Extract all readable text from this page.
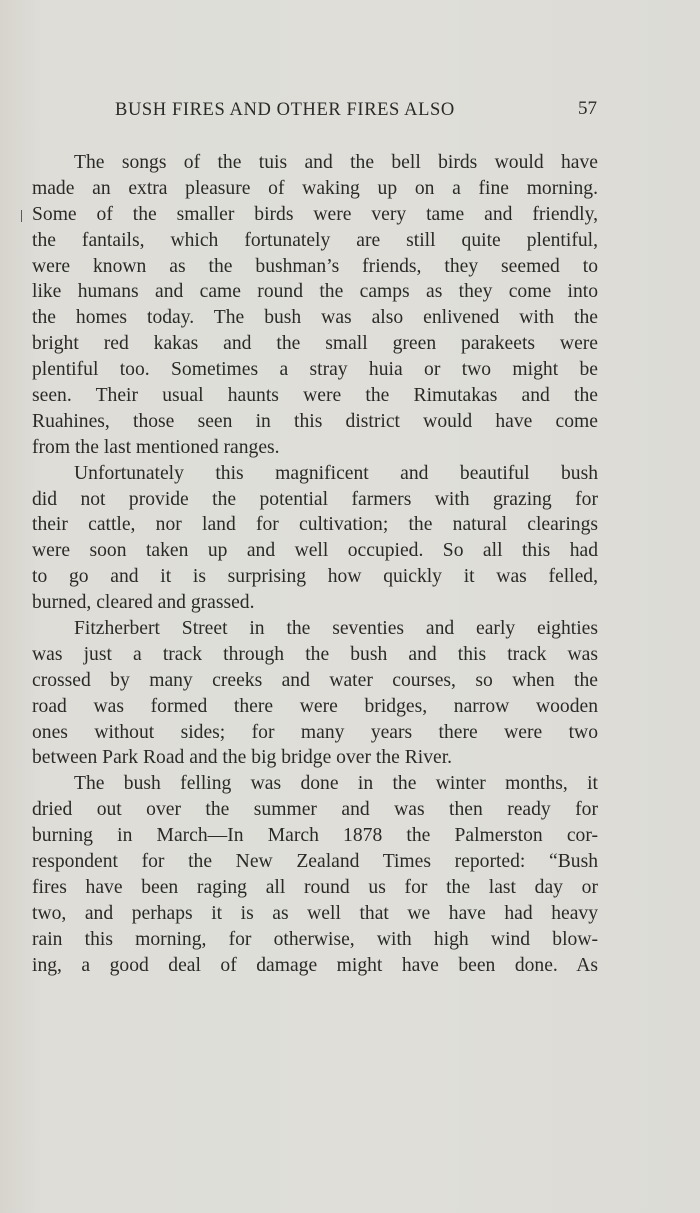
BUSH FIRES AND OTHER FIRES ALSO	57
The songs of the tuis and the bell birds would have
made an extra pleasure of waking up on a fine morning.
Some of the smaller birds were very tame and friendly,
the fantails, which fortunately are still quite plentiful,
were known as the bushman’s friends, they seemed to
like humans and came round the camps as they come into
the homes today. The bush was also enlivened with the
bright red kakas and the small green parakeets were
plentiful too. Sometimes a stray huia or two might be
seen. Their usual haunts were the Rimutakas and the
Ruahines, those seen in this district would have come
from the last mentioned ranges.
Unfortunately this magnificent and beautiful bush
did not provide the potential farmers with grazing for
their cattle, nor land for cultivation; the natural clearings
were soon taken up and well occupied. So all this had
to go and it is surprising how quickly it was felled,
burned, cleared and grassed.
Fitzherbert Street in the seventies and early eighties
was just a track through the bush and this track was
crossed by many creeks and water courses, so when the
road was formed there were bridges, narrow wooden
ones without sides; for many years there were two
between Park Road and the big bridge over the River.
The bush felling was done in the winter months, it
dried out over the summer and was then ready for
burning in March—In March 1878 the Palmerston cor-
respondent for the New Zealand Times reported: “Bush
fires have been raging all round us for the last day or
two, and perhaps it is as well that we have had heavy
rain this morning, for otherwise, with high wind blow-
ing, a good deal of damage might have been done. As
